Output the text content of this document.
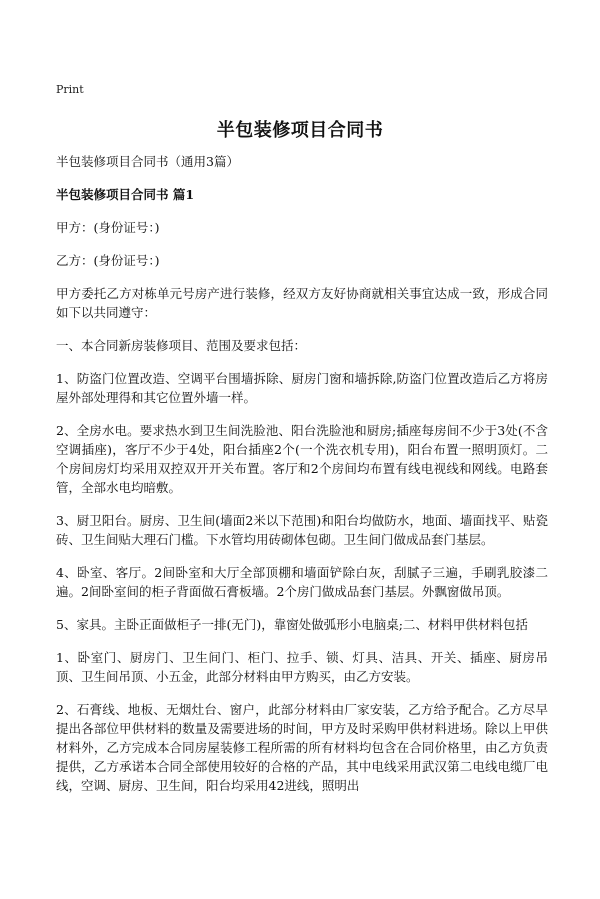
Print
半包装修项目合同书

半包装修项目合同书（通用3篇）

半包装修项目合同书 篇1

甲方：(身份证号：)

乙方：(身份证号：)

甲方委托乙方对栋单元号房产进行装修，经双方友好协商就相关事宜达成一致，形成合同如下以共同遵守：

一、本合同新房装修项目、范围及要求包括：

1、防盗门位置改造、空调平台围墙拆除、厨房门窗和墙拆除,防盗门位置改造后乙方将房屋外部处理得和其它位置外墙一样。

2、全房水电。要求热水到卫生间洗脸池、阳台洗脸池和厨房;插座每房间不少于3处(不含空调插座)，客厅不少于4处，阳台插座2个(一个洗衣机专用)，阳台布置一照明顶灯。二个房间房灯均采用双控双开开关布置。客厅和2个房间均布置有线电视线和网线。电路套管，全部水电均暗敷。

3、厨卫阳台。厨房、卫生间(墙面2米以下范围)和阳台均做防水，地面、墙面找平、贴瓷砖、卫生间贴大理石门槛。下水管均用砖砌体包砌。卫生间门做成品套门基层。

4、卧室、客厅。2间卧室和大厅全部顶棚和墙面铲除白灰，刮腻子三遍，手刷乳胶漆二遍。2间卧室间的柜子背面做石膏板墙。2个房门做成品套门基层。外飘窗做吊顶。

5、家具。主卧正面做柜子一排(无门)，靠窗处做弧形小电脑桌;二、材料甲供材料包括

1、卧室门、厨房门、卫生间门、柜门、拉手、锁、灯具、洁具、开关、插座、厨房吊顶、卫生间吊顶、小五金，此部分材料由甲方购买，由乙方安装。

2、石膏线、地板、无烟灶台、窗户，此部分材料由厂家安装，乙方给予配合。乙方尽早提出各部位甲供材料的数量及需要进场的时间，甲方及时采购甲供材料进场。除以上甲供材料外，乙方完成本合同房屋装修工程所需的所有材料均包含在合同价格里，由乙方负责提供，乙方承诺本合同全部使用较好的合格的产品，其中电线采用武汉第二电线电缆厂电线，空调、厨房、卫生间，阳台均采用42进线，照明出
